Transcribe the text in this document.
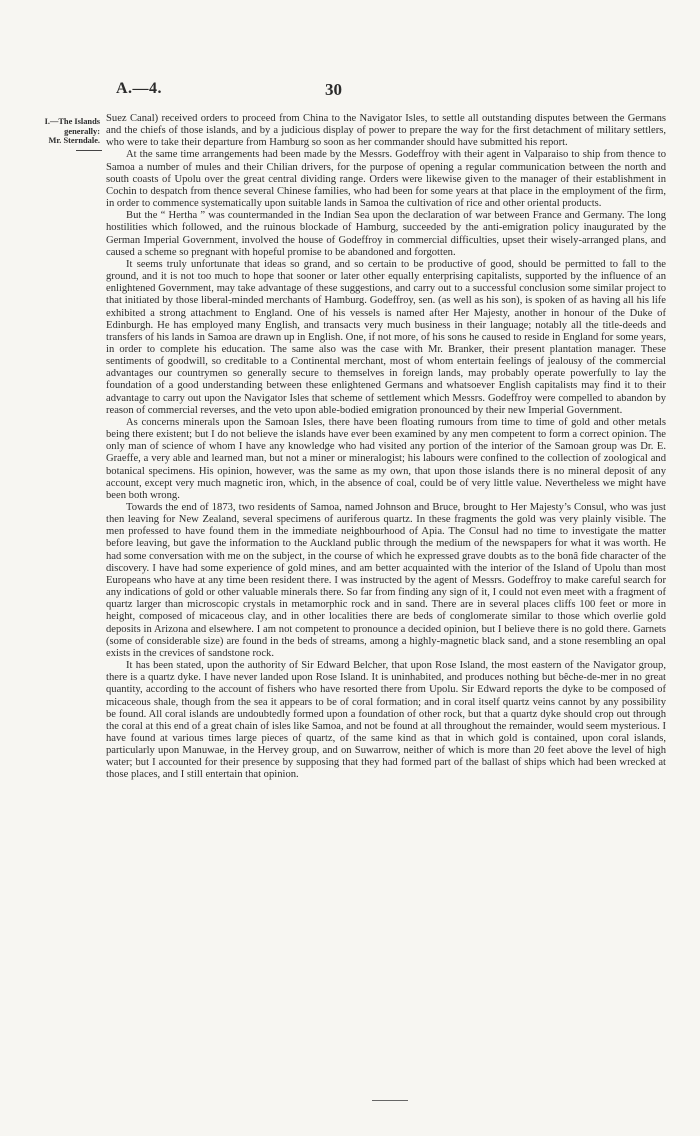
A.—4.	30
I.—The Islands
generally:
Mr. Sterndale.

Suez Canal) received orders to proceed from China to the Navigator Isles, to settle all outstanding disputes between the Germans and the chiefs of those islands, and by a judicious display of power to prepare the way for the first detachment of military settlers, who were to take their departure from Hamburg so soon as her commander should have submitted his report.

At the same time arrangements had been made by the Messrs. Godeffroy with their agent in Valparaiso to ship from thence to Samoa a number of mules and their Chilian drivers, for the purpose of opening a regular communication between the north and south coasts of Upolu over the great central dividing range. Orders were likewise given to the manager of their establishment in Cochin to despatch from thence several Chinese families, who had been for some years at that place in the employment of the firm, in order to commence systematically upon suitable lands in Samoa the cultivation of rice and other oriental products.

But the “ Hertha ” was countermanded in the Indian Sea upon the declaration of war between France and Germany. The long hostilities which followed, and the ruinous blockade of Hamburg, succeeded by the anti-emigration policy inaugurated by the German Imperial Government, involved the house of Godeffroy in commercial difficulties, upset their wisely-arranged plans, and caused a scheme so pregnant with hopeful promise to be abandoned and forgotten.

It seems truly unfortunate that ideas so grand, and so certain to be productive of good, should be permitted to fall to the ground, and it is not too much to hope that sooner or later other equally enterprising capitalists, supported by the influence of an enlightened Government, may take advantage of these suggestions, and carry out to a successful conclusion some similar project to that initiated by those liberal-minded merchants of Hamburg. Godeffroy, sen. (as well as his son), is spoken of as having all his life exhibited a strong attachment to England. One of his vessels is named after Her Majesty, another in honour of the Duke of Edinburgh. He has employed many English, and transacts very much business in their language; notably all the title-deeds and transfers of his lands in Samoa are drawn up in English. One, if not more, of his sons he caused to reside in England for some years, in order to complete his education. The same also was the case with Mr. Branker, their present plantation manager. These sentiments of goodwill, so creditable to a Continental merchant, most of whom entertain feelings of jealousy of the commercial advantages our countrymen so generally secure to themselves in foreign lands, may probably operate powerfully to lay the foundation of a good understanding between these enlightened Germans and whatsoever English capitalists may find it to their advantage to carry out upon the Navigator Isles that scheme of settlement which Messrs. Godeffroy were compelled to abandon by reason of commercial reverses, and the veto upon able-bodied emigration pronounced by their new Imperial Government.

As concerns minerals upon the Samoan Isles, there have been floating rumours from time to time of gold and other metals being there existent; but I do not believe the islands have ever been examined by any men competent to form a correct opinion. The only man of science of whom I have any knowledge who had visited any portion of the interior of the Samoan group was Dr. E. Graeffe, a very able and learned man, but not a miner or mineralogist; his labours were confined to the collection of zoological and botanical specimens. His opinion, however, was the same as my own, that upon those islands there is no mineral deposit of any account, except very much magnetic iron, which, in the absence of coal, could be of very little value. Nevertheless we might have been both wrong.

Towards the end of 1873, two residents of Samoa, named Johnson and Bruce, brought to Her Majesty’s Consul, who was just then leaving for New Zealand, several specimens of auriferous quartz. In these fragments the gold was very plainly visible. The men professed to have found them in the immediate neighbourhood of Apia. The Consul had no time to investigate the matter before leaving, but gave the information to the Auckland public through the medium of the newspapers for what it was worth. He had some conversation with me on the subject, in the course of which he expressed grave doubts as to the bonâ fide character of the discovery. I have had some experience of gold mines, and am better acquainted with the interior of the Island of Upolu than most Europeans who have at any time been resident there. I was instructed by the agent of Messrs. Godeffroy to make careful search for any indications of gold or other valuable minerals there. So far from finding any sign of it, I could not even meet with a fragment of quartz larger than microscopic crystals in metamorphic rock and in sand. There are in several places cliffs 100 feet or more in height, composed of micaceous clay, and in other localities there are beds of conglomerate similar to those which overlie gold deposits in Arizona and elsewhere. I am not competent to pronounce a decided opinion, but I believe there is no gold there. Garnets (some of considerable size) are found in the beds of streams, among a highly-magnetic black sand, and a stone resembling an opal exists in the crevices of sandstone rock.

It has been stated, upon the authority of Sir Edward Belcher, that upon Rose Island, the most eastern of the Navigator group, there is a quartz dyke. I have never landed upon Rose Island. It is uninhabited, and produces nothing but bêche-de-mer in no great quantity, according to the account of fishers who have resorted there from Upolu. Sir Edward reports the dyke to be composed of micaceous shale, though from the sea it appears to be of coral formation; and in coral itself quartz veins cannot by any possibility be found. All coral islands are undoubtedly formed upon a foundation of other rock, but that a quartz dyke should crop out through the coral at this end of a great chain of isles like Samoa, and not be found at all throughout the remainder, would seem mysterious. I have found at various times large pieces of quartz, of the same kind as that in which gold is contained, upon coral islands, particularly upon Manuwae, in the Hervey group, and on Suwarrow, neither of which is more than 20 feet above the level of high water; but I accounted for their presence by supposing that they had formed part of the ballast of ships which had been wrecked at those places, and I still entertain that opinion.
